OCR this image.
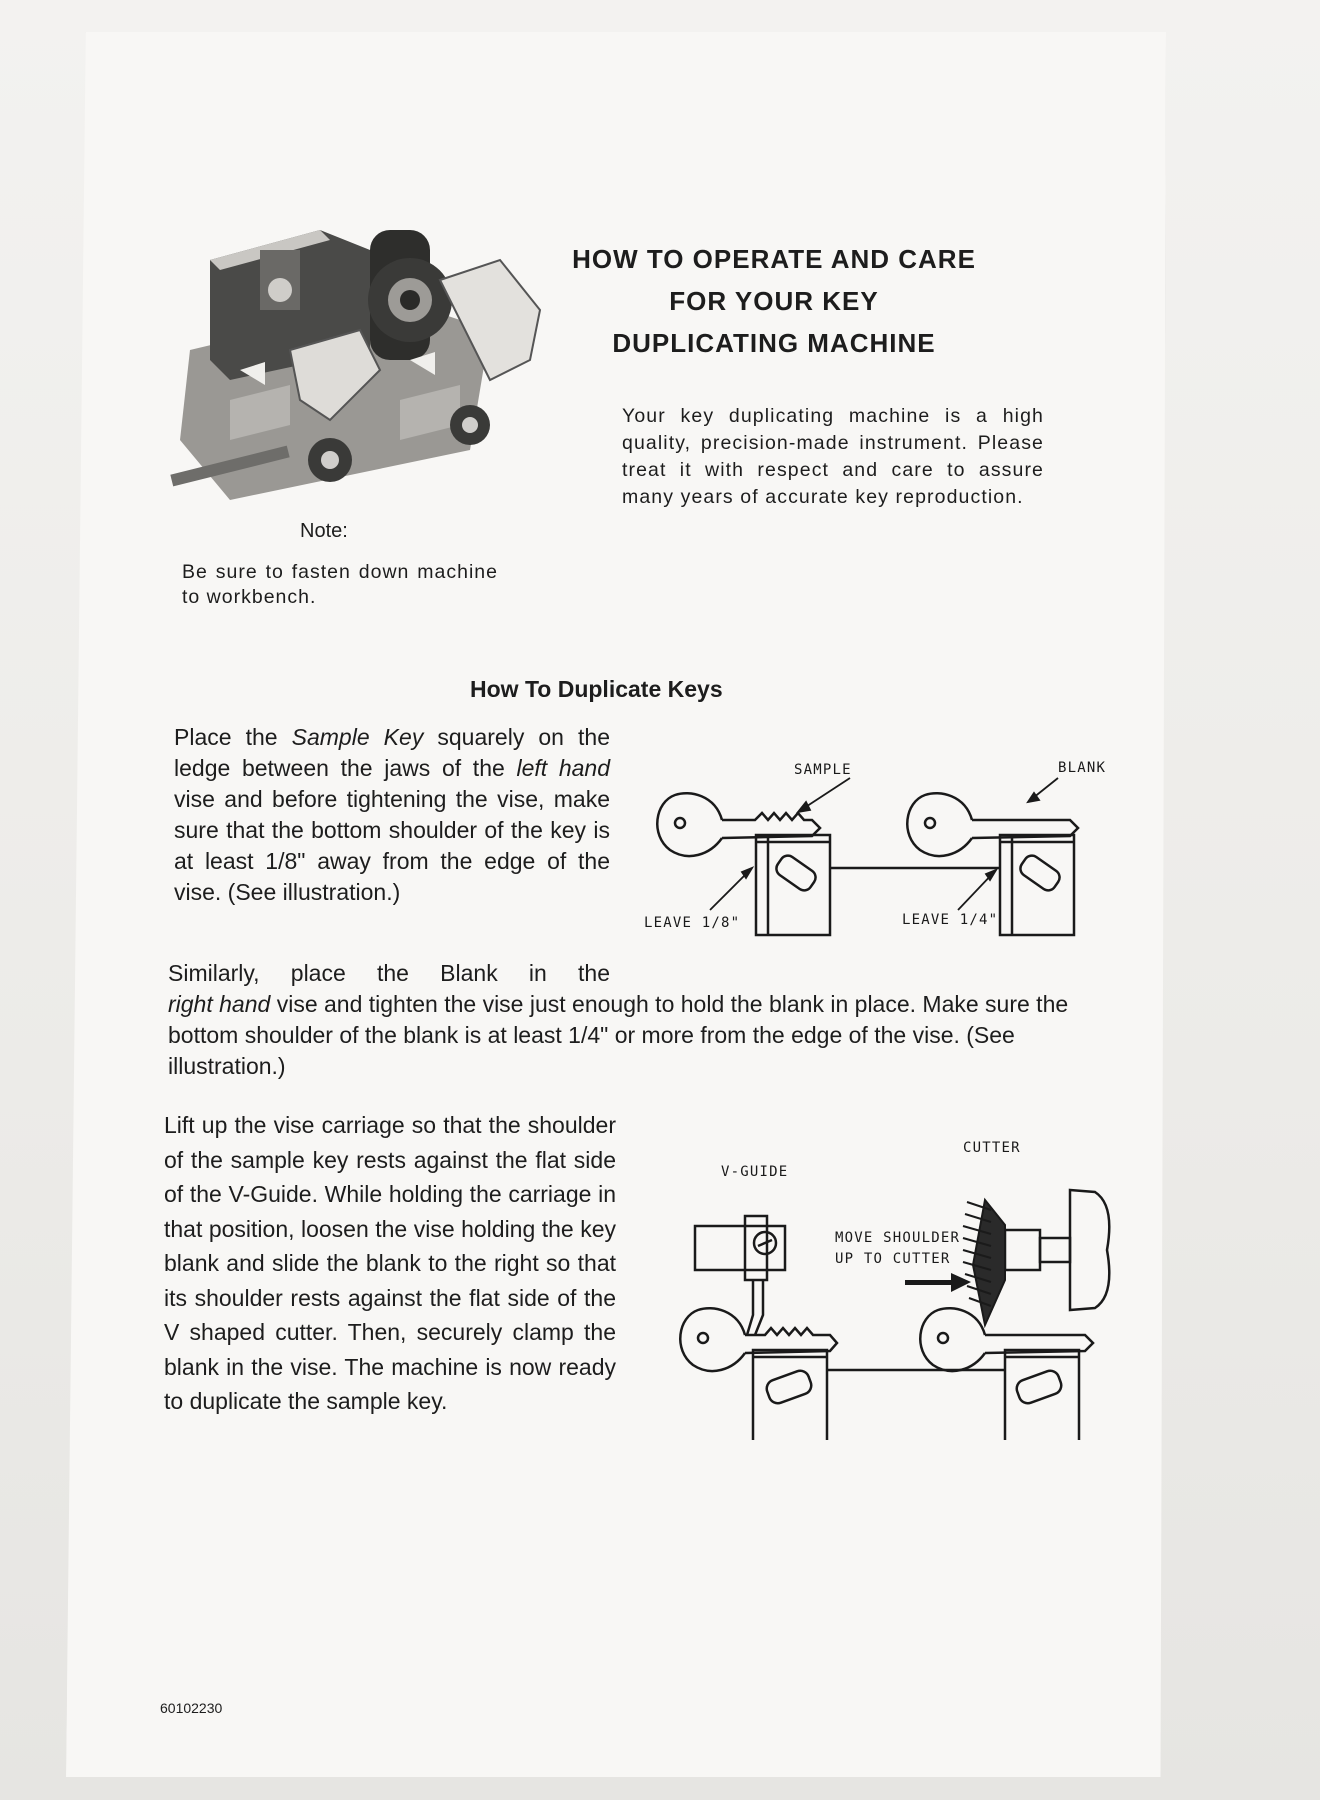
HOW TO OPERATE AND CARE
FOR YOUR KEY
DUPLICATING MACHINE
Your key duplicating machine is a high quality, precision-made instrument. Please treat it with respect and care to assure many years of accurate key reproduction.
Note:
Be sure to fasten down machine to workbench.
How To Duplicate Keys
Place the Sample Key squarely on the ledge between the jaws of the left hand vise and before tightening the vise, make sure that the bottom shoulder of the key is at least 1/8" away from the edge of the vise. (See illustration.)
SAMPLE	BLANK
LEAVE 1/8"	LEAVE 1/4"
Similarly, place the Blank in the
right hand vise and tighten the vise just enough to hold the blank in place. Make sure the bottom shoulder of the blank is at least 1/4" or more from the edge of the vise. (See illustration.)
V-GUIDE
CUTTER
MOVE SHOULDER
UP TO CUTTER
Lift up the vise carriage so that the shoulder of the sample key rests against the flat side of the V-Guide. While holding the carriage in that position, loosen the vise holding the key blank and slide the blank to the right so that its shoulder rests against the flat side of the V shaped cutter. Then, securely clamp the blank in the vise. The machine is now ready to duplicate the sample key.
60102230
